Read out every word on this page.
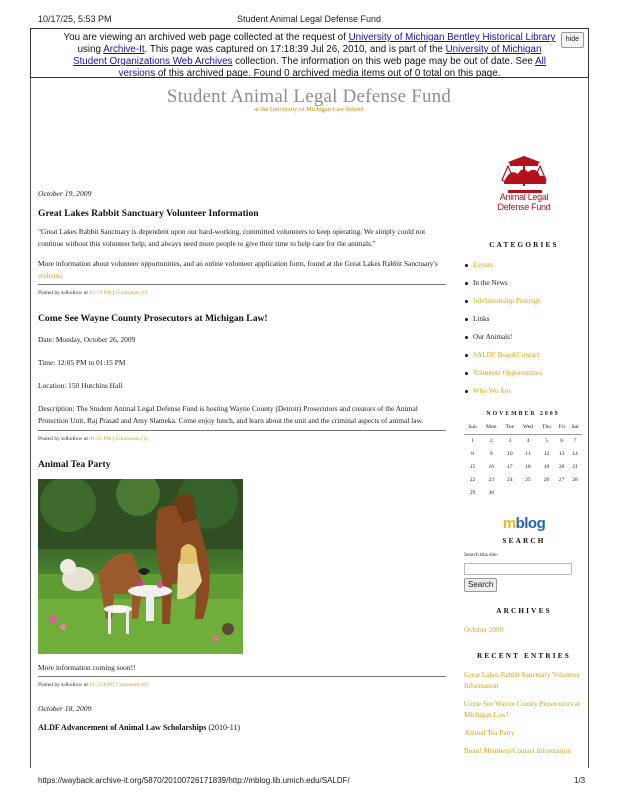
10/17/25, 5:53 PM	Student Animal Legal Defense Fund
You are viewing an archived web page collected at the request of University of Michigan Bentley Historical Library using Archive-It. This page was captured on 17:18:39 Jul 26, 2010, and is part of the University of Michigan Student Organizations Web Archives collection. The information on this web page may be out of date. See All versions of this archived page. Found 0 archived media items out of 0 total on this page.
hide
Student Animal Legal Defense Fund
at the University of Michigan Law School
October 19, 2009
Great Lakes Rabbit Sanctuary Volunteer Information

"Great Lakes Rabbit Sanctuary is dependent upon our hard-working, committed volunteers to keep operating. We simply could not continue without this volunteer help, and always need more people to give their time to help care for the animals."

More information about volunteer opportunities, and an online volunteer application form, found at the Great Lakes Rabbit Sanctuary's website.

Posted by kdhollow at 12:19 PM | Comments (0)
Come See Wayne County Prosecutors at Michigan Law!

Date: Monday, October 26, 2009

Time: 12:05 PM to 01:15 PM

Location: 150 Hutchins Hall

Description: The Student Animal Legal Defense Fund is hosting Wayne County (Detroit) Prosecutors and creators of the Animal Protection Unit, Raj Prasad and Amy Slameka. Come enjoy lunch, and learn about the unit and the criminal aspects of animal law.

Posted by kdhollow at 01:21 PM | Comments (1)
Animal Tea Party

More information coming soon!!

Posted by kdhollow at 11:53 AM | Comments (0)
October 18, 2009
ALDF Advancement of Animal Law Scholarships (2010-11)
Animal Legal
Defense Fund
CATEGORIES
Events
In the News
Job/Internship Postings
Links
Our Animals!
SALDF Board/Contact
Volunteer Opportunities
Who We Are
NOVEMBER 2009
Sun	Mon	Tue	Wed	Thu	Fri	Sat
1	2	3	4	5	6	7
8	9	10	11	12	13	14
15	16	17	18	19	20	21
22	23	24	25	26	27	28
29	30					
mblog
SEARCH
Search this site:
Search
ARCHIVES
October 2009
RECENT ENTRIES
Great Lakes Rabbit Sanctuary Volunteer Information
Come See Wayne County Prosecutors at Michigan Law!
Animal Tea Party
Board Members/Contact Information
https://wayback.archive-it.org/5870/20100726171839/http://mblog.lib.umich.edu/SALDF/	1/3
